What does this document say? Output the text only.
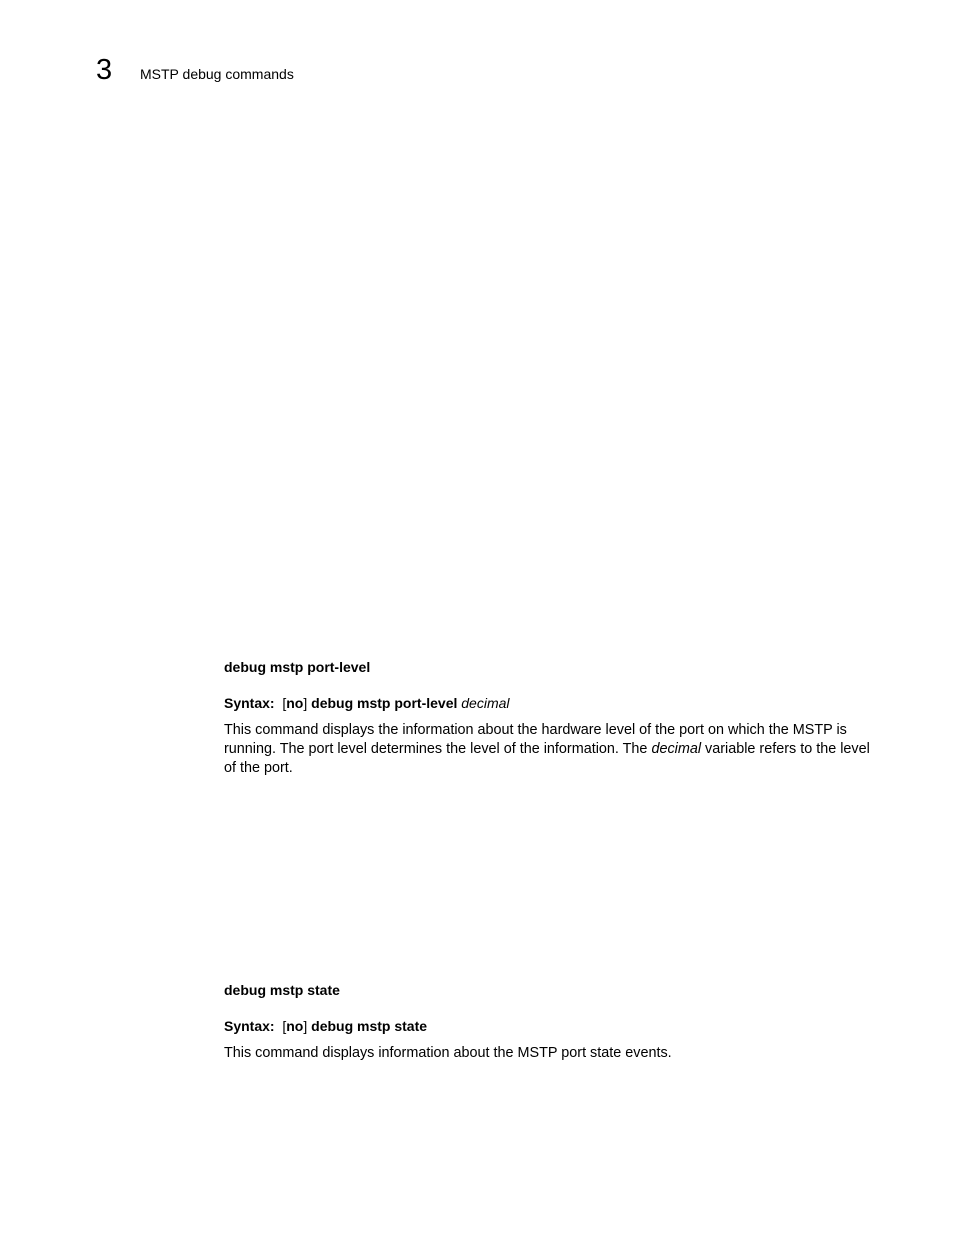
3 MSTP debug commands

debug mstp port-level

Syntax: [no] debug mstp port-level decimal

This command displays the information about the hardware level of the port on which the MSTP is running. The port level determines the level of the information. The decimal variable refers to the level of the port.

debug mstp state

Syntax: [no] debug mstp state

This command displays information about the MSTP port state events.
